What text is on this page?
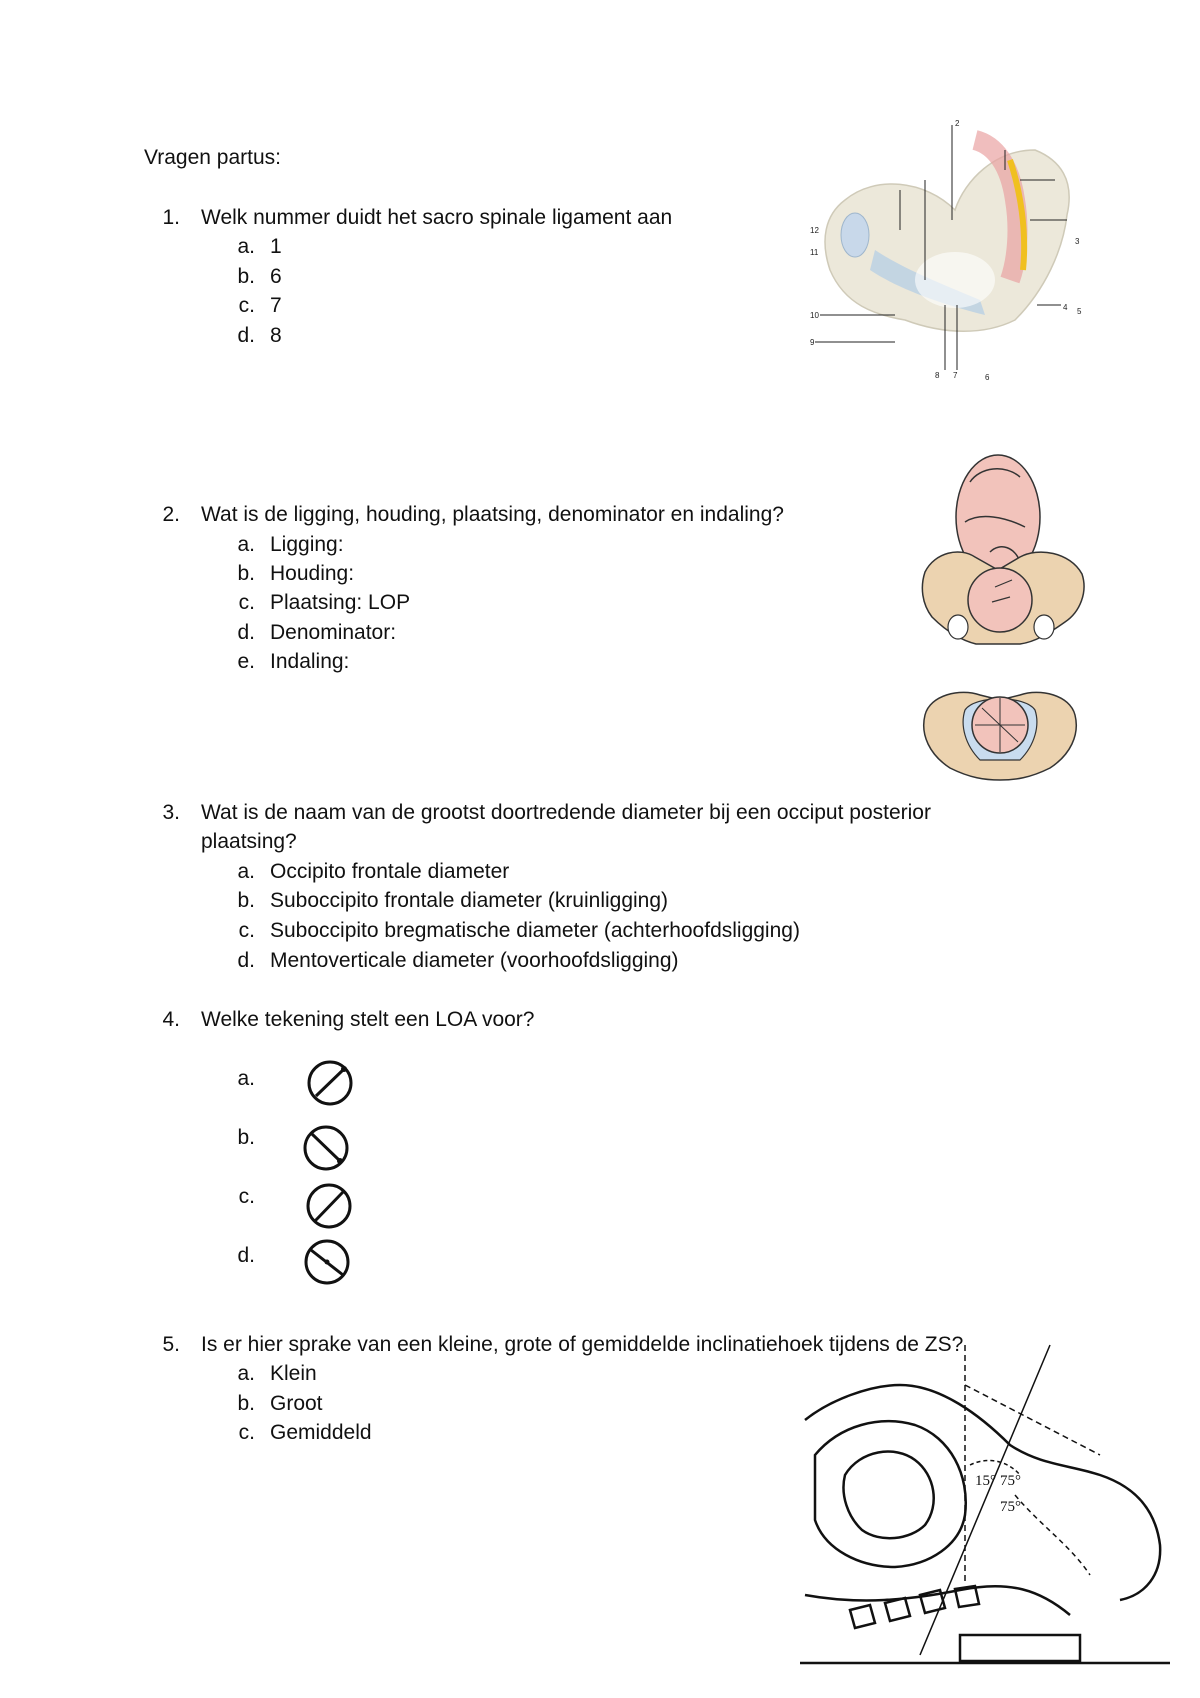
Vragen partus:
1. Welk nummer duidt het sacro spinale ligament aan
a. 1
b. 6
c. 7
d. 8
2
3
4 5
6
7
8
9
10
11
12
2. Wat is de ligging, houding, plaatsing, denominator en indaling?
a. Ligging:
b. Houding:
c. Plaatsing: LOP
d. Denominator:
e. Indaling:
3. Wat is de naam van de grootst doortredende diameter bij een occiput posterior
plaatsing?
a. Occipito frontale diameter
b. Suboccipito frontale diameter (kruinligging)
c. Suboccipito bregmatische diameter (achterhoofdsligging)
d. Mentoverticale diameter (voorhoofdsligging)
4. Welke tekening stelt een LOA voor?
a.
b.
c.
d.
5. Is er hier sprake van een kleine, grote of gemiddelde inclinatiehoek tijdens de ZS?
a. Klein
b. Groot
c. Gemiddeld
15° 75°
75°
